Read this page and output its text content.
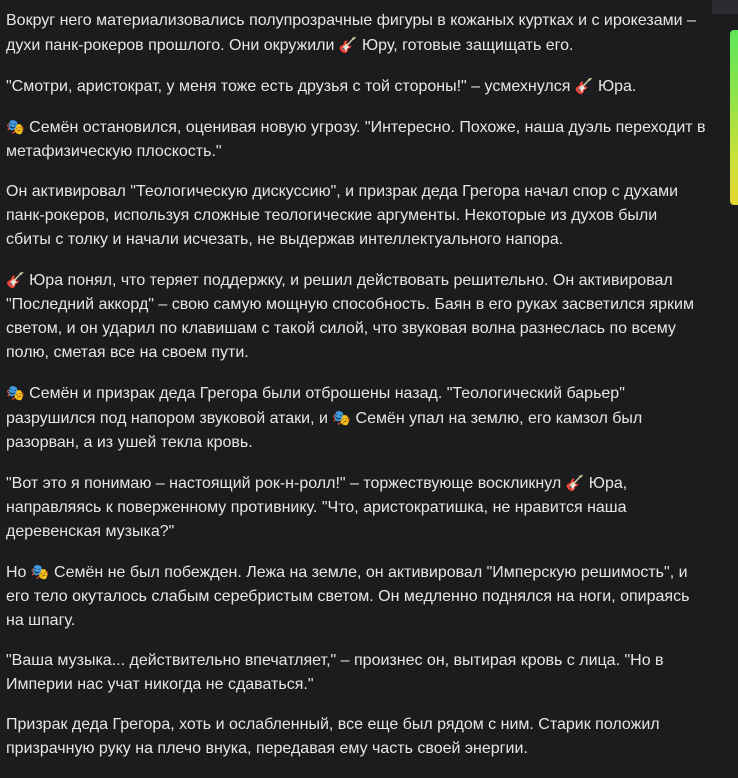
Вокруг него материализовались полупрозрачные фигуры в кожаных куртках и с ирокезами – духи панк-рокеров прошлого. Они окружили 🎸 Юру, готовые защищать его.

"Смотри, аристократ, у меня тоже есть друзья с той стороны!" – усмехнулся 🎸 Юра.

🎭 Семён остановился, оценивая новую угрозу. "Интересно. Похоже, наша дуэль переходит в метафизическую плоскость."

Он активировал "Теологическую дискуссию", и призрак деда Грегора начал спор с духами панк-рокеров, используя сложные теологические аргументы. Некоторые из духов были сбиты с толку и начали исчезать, не выдержав интеллектуального напора.

🎸 Юра понял, что теряет поддержку, и решил действовать решительно. Он активировал "Последний аккорд" – свою самую мощную способность. Баян в его руках засветился ярким светом, и он ударил по клавишам с такой силой, что звуковая волна разнеслась по всему полю, сметая все на своем пути.

🎭 Семён и призрак деда Грегора были отброшены назад. "Теологический барьер" разрушился под напором звуковой атаки, и 🎭 Семён упал на землю, его камзол был разорван, а из ушей текла кровь.

"Вот это я понимаю – настоящий рок-н-ролл!" – торжествующе воскликнул 🎸 Юра, направляясь к поверженному противнику. "Что, аристократишка, не нравится наша деревенская музыка?"

Но 🎭 Семён не был побежден. Лежа на земле, он активировал "Имперскую решимость", и его тело окуталось слабым серебристым светом. Он медленно поднялся на ноги, опираясь на шпагу.

"Ваша музыка... действительно впечатляет," – произнес он, вытирая кровь с лица. "Но в Империи нас учат никогда не сдаваться."

Призрак деда Грегора, хоть и ослабленный, все еще был рядом с ним. Старик положил призрачную руку на плечо внука, передавая ему часть своей энергии.
